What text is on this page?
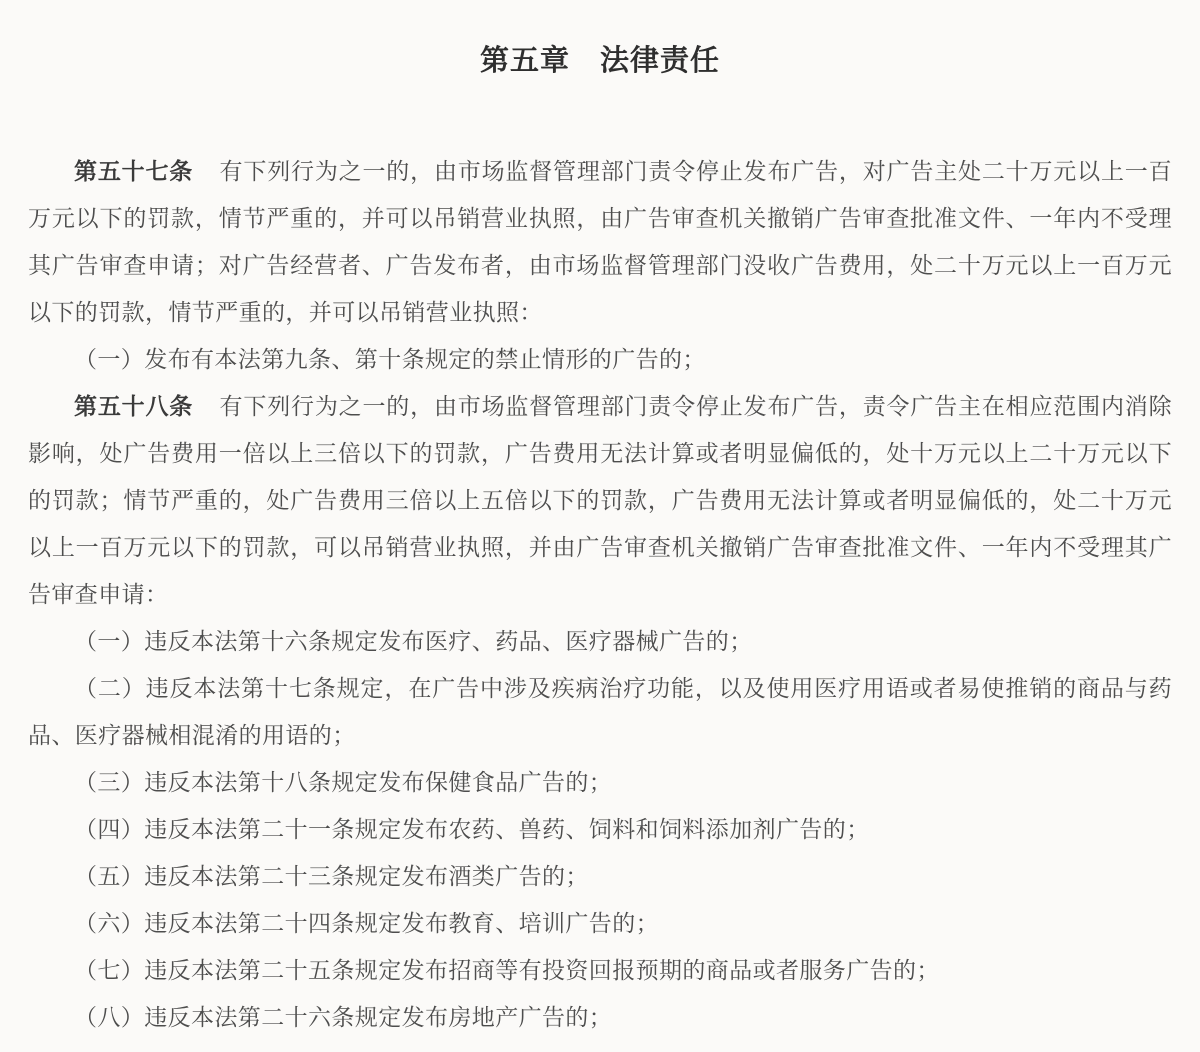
第五章　法律责任

第五十七条 有下列行为之一的，由市场监督管理部门责令停止发布广告，对广告主处二十万元以上一百万元以下的罚款，情节严重的，并可以吊销营业执照，由广告审查机关撤销广告审查批准文件、一年内不受理其广告审查申请；对广告经营者、广告发布者，由市场监督管理部门没收广告费用，处二十万元以上一百万元以下的罚款，情节严重的，并可以吊销营业执照：

（一）发布有本法第九条、第十条规定的禁止情形的广告的；

第五十八条 有下列行为之一的，由市场监督管理部门责令停止发布广告，责令广告主在相应范围内消除影响，处广告费用一倍以上三倍以下的罚款，广告费用无法计算或者明显偏低的，处十万元以上二十万元以下的罚款；情节严重的，处广告费用三倍以上五倍以下的罚款，广告费用无法计算或者明显偏低的，处二十万元以上一百万元以下的罚款，可以吊销营业执照，并由广告审查机关撤销广告审查批准文件、一年内不受理其广告审查申请：

（一）违反本法第十六条规定发布医疗、药品、医疗器械广告的；

（二）违反本法第十七条规定，在广告中涉及疾病治疗功能，以及使用医疗用语或者易使推销的商品与药品、医疗器械相混淆的用语的；

（三）违反本法第十八条规定发布保健食品广告的；

（四）违反本法第二十一条规定发布农药、兽药、饲料和饲料添加剂广告的；

（五）违反本法第二十三条规定发布酒类广告的；

（六）违反本法第二十四条规定发布教育、培训广告的；

（七）违反本法第二十五条规定发布招商等有投资回报预期的商品或者服务广告的；

（八）违反本法第二十六条规定发布房地产广告的；
